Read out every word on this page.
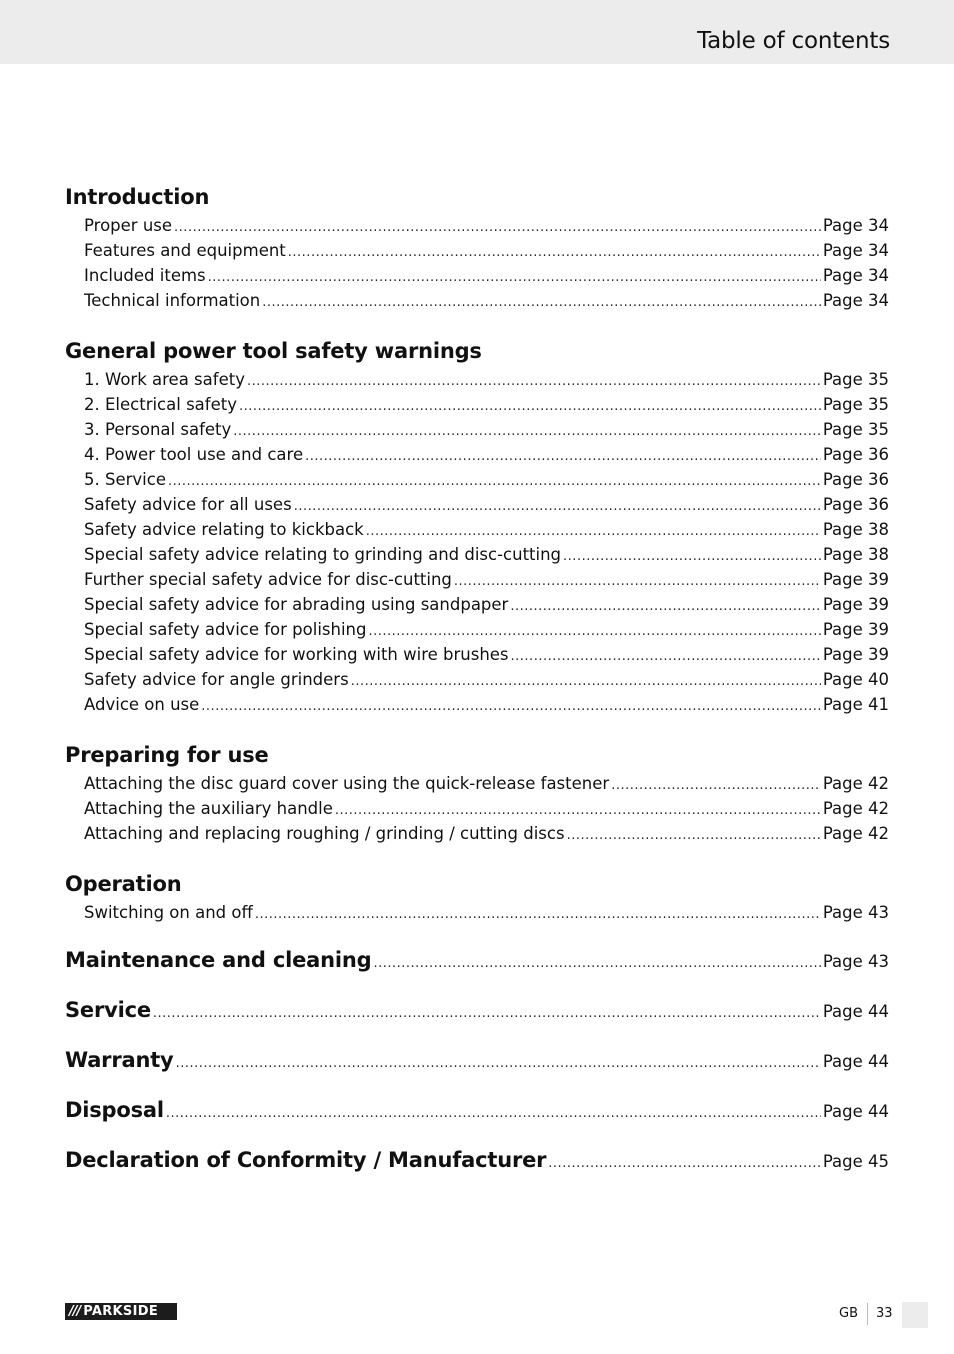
Table of contents
Introduction
Proper use .....	Page 34
Features and equipment .....	Page 34
Included items .....	Page 34
Technical information .....	Page 34
General power tool safety warnings
1. Work area safety .....	Page 35
2. Electrical safety .....	Page 35
3. Personal safety .....	Page 35
4. Power tool use and care .....	Page 36
5. Service .....	Page 36
Safety advice for all uses .....	Page 36
Safety advice relating to kickback .....	Page 38
Special safety advice relating to grinding and disc-cutting .....	Page 38
Further special safety advice for disc-cutting .....	Page 39
Special safety advice for abrading using sandpaper .....	Page 39
Special safety advice for polishing .....	Page 39
Special safety advice for working with wire brushes .....	Page 39
Safety advice for angle grinders .....	Page 40
Advice on use .....	Page 41
Preparing for use
Attaching the disc guard cover using the quick-release fastener .....	Page 42
Attaching the auxiliary handle .....	Page 42
Attaching and replacing roughing / grinding / cutting discs .....	Page 42
Operation
Switching on and off .....	Page 43
Maintenance and cleaning .....	Page 43
Service .....	Page 44
Warranty .....	Page 44
Disposal .....	Page 44
Declaration of Conformity / Manufacturer .....	Page 45
/// PARKSIDE	GB 33
